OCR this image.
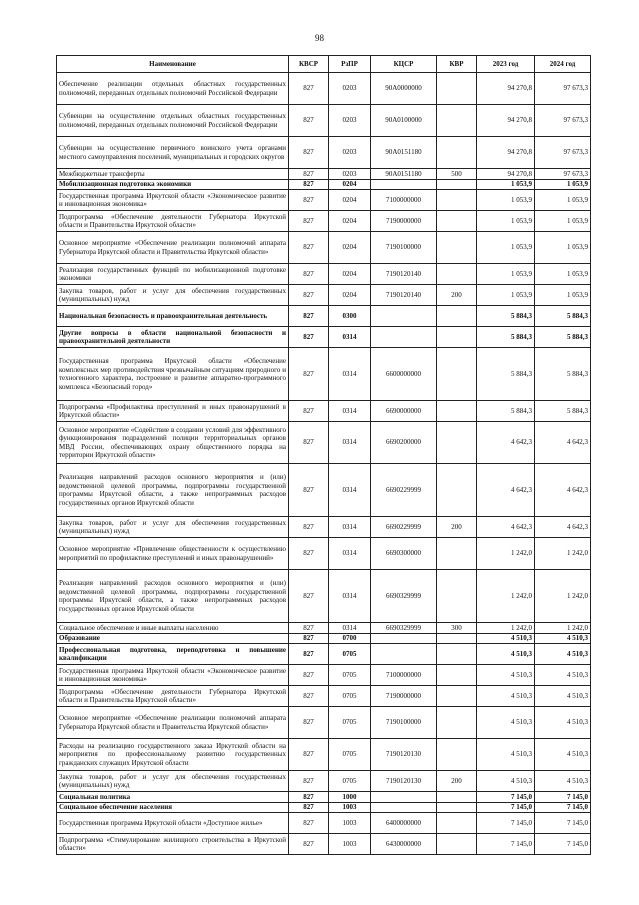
98
Наименование	КВСР	РзПР	КЦСР	КВР	2023 год	2024 год
Обеспечение реализации отдельных областных государственных полномочий, переданных отдельных полномочий Российской Федерации	827	0203	90А0000000		94 270,8	97 673,3
Субвенции на осуществление отдельных областных государственных полномочий, переданных отдельных полномочий Российской Федерации	827	0203	90А0100000		94 270,8	97 673,3
Субвенции на осуществление первичного воинского учета органами местного самоуправления поселений, муниципальных и городских округов	827	0203	90А0151180		94 270,8	97 673,3
Межбюджетные трансферты	827	0203	90А0151180	500	94 270,8	97 673,3
Мобилизационная подготовка экономики	827	0204			1 053,9	1 053,9
Государственная программа Иркутской области «Экономическое развитие и инновационная экономика»	827	0204	7100000000		1 053,9	1 053,9
Подпрограмма «Обеспечение деятельности Губернатора Иркутской области и Правительства Иркутской области»	827	0204	7190000000		1 053,9	1 053,9
Основное мероприятие «Обеспечение реализации полномочий аппарата Губернатора Иркутской области и Правительства Иркутской области»	827	0204	7190100000		1 053,9	1 053,9
Реализация государственных функций по мобилизационной подготовке экономики	827	0204	7190120140		1 053,9	1 053,9
Закупка товаров, работ и услуг для обеспечения государственных (муниципальных) нужд	827	0204	7190120140	200	1 053,9	1 053,9
Национальная безопасность и правоохранительная деятельность	827	0300			5 884,3	5 884,3
Другие вопросы в области национальной безопасности и правоохранительной деятельности	827	0314			5 884,3	5 884,3
Государственная программа Иркутской области «Обеспечение комплексных мер противодействия чрезвычайным ситуациям природного и техногенного характера, построение и развитие аппаратно-программного комплекса «Безопасный город»	827	0314	6600000000		5 884,3	5 884,3
Подпрограмма «Профилактика преступлений и иных правонарушений в Иркутской области»	827	0314	6690000000		5 884,3	5 884,3
Основное мероприятие «Содействие в создании условий для эффективного функционирования подразделений полиции территориальных органов МВД России, обеспечивающих охрану общественного порядка на территории Иркутской области»	827	0314	6690200000		4 642,3	4 642,3
Реализация направлений расходов основного мероприятия и (или) ведомственной целевой программы, подпрограммы государственной программы Иркутской области, а также непрограммных расходов государственных органов Иркутской области	827	0314	6690229999		4 642,3	4 642,3
Закупка товаров, работ и услуг для обеспечения государственных (муниципальных) нужд	827	0314	6690229999	200	4 642,3	4 642,3
Основное мероприятие «Привлечение общественности к осуществлению мероприятий по профилактике преступлений и иных правонарушений»	827	0314	6690300000		1 242,0	1 242,0
Реализация направлений расходов основного мероприятия и (или) ведомственной целевой программы, подпрограммы государственной программы Иркутской области, а также непрограммных расходов государственных органов Иркутской области	827	0314	6690329999		1 242,0	1 242,0
Социальное обеспечение и иные выплаты населению	827	0314	6690329999	300	1 242,0	1 242,0
Образование	827	0700			4 510,3	4 510,3
Профессиональная подготовка, переподготовка и повышение квалификации	827	0705			4 510,3	4 510,3
Государственная программа Иркутской области «Экономическое развитие и инновационная экономика»	827	0705	7100000000		4 510,3	4 510,3
Подпрограмма «Обеспечение деятельности Губернатора Иркутской области и Правительства Иркутской области»	827	0705	7190000000		4 510,3	4 510,3
Основное мероприятие «Обеспечение реализации полномочий аппарата Губернатора Иркутской области и Правительства Иркутской области»	827	0705	7190100000		4 510,3	4 510,3
Расходы на реализацию государственного заказа Иркутской области на мероприятия по профессиональному развитию государственных гражданских служащих Иркутской области	827	0705	7190120130		4 510,3	4 510,3
Закупка товаров, работ и услуг для обеспечения государственных (муниципальных) нужд	827	0705	7190120130	200	4 510,3	4 510,3
Социальная политика	827	1000			7 145,0	7 145,0
Социальное обеспечение населения	827	1003			7 145,0	7 145,0
Государственная программа Иркутской области «Доступное жилье»	827	1003	6400000000		7 145,0	7 145,0
Подпрограмма «Стимулирование жилищного строительства в Иркутской области»	827	1003	6430000000		7 145,0	7 145,0
